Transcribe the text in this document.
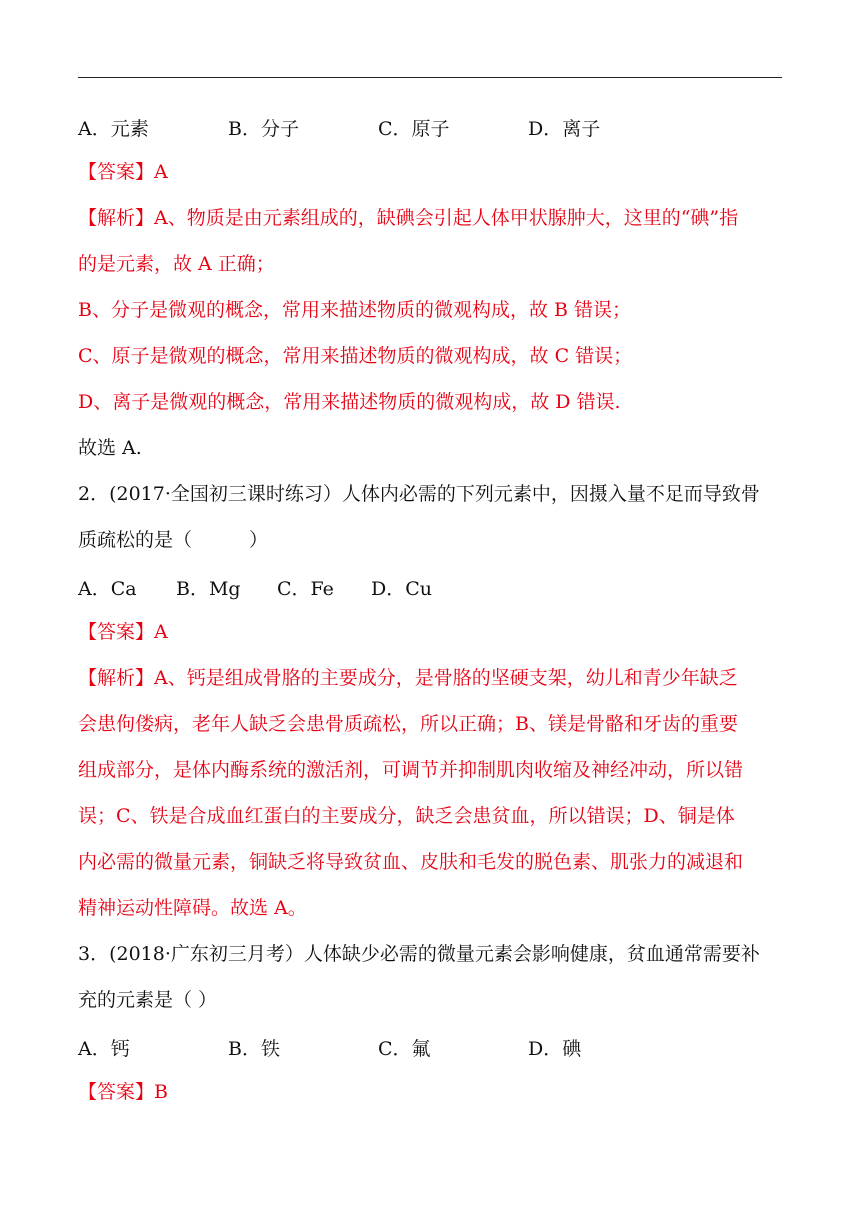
A．元素	B．分子	C．原子	D．离子
【答案】A
【解析】A、物质是由元素组成的，缺碘会引起人体甲状腺肿大，这里的“碘”指
的是元素，故 A 正确；
B、分子是微观的概念，常用来描述物质的微观构成，故 B 错误；
C、原子是微观的概念，常用来描述物质的微观构成，故 C 错误；
D、离子是微观的概念，常用来描述物质的微观构成，故 D 错误.
故选 A.
2．(2017·全国初三课时练习）人体内必需的下列元素中，因摄入量不足而导致骨
质疏松的是（　　　）
A．Ca B．Mg C．Fe D．Cu
【答案】A
【解析】A、钙是组成骨胳的主要成分，是骨胳的坚硬支架，幼儿和青少年缺乏
会患佝偻病，老年人缺乏会患骨质疏松，所以正确；B、镁是骨骼和牙齿的重要
组成部分，是体内酶系统的激活剂，可调节并抑制肌肉收缩及神经冲动，所以错
误；C、铁是合成血红蛋白的主要成分，缺乏会患贫血，所以错误；D、铜是体
内必需的微量元素，铜缺乏将导致贫血、皮肤和毛发的脱色素、肌张力的减退和
精神运动性障碍。故选 A。
3．(2018·广东初三月考）人体缺少必需的微量元素会影响健康，贫血通常需要补
充的元素是（ ）
A．钙	B．铁	C．氟	D．碘
【答案】B
